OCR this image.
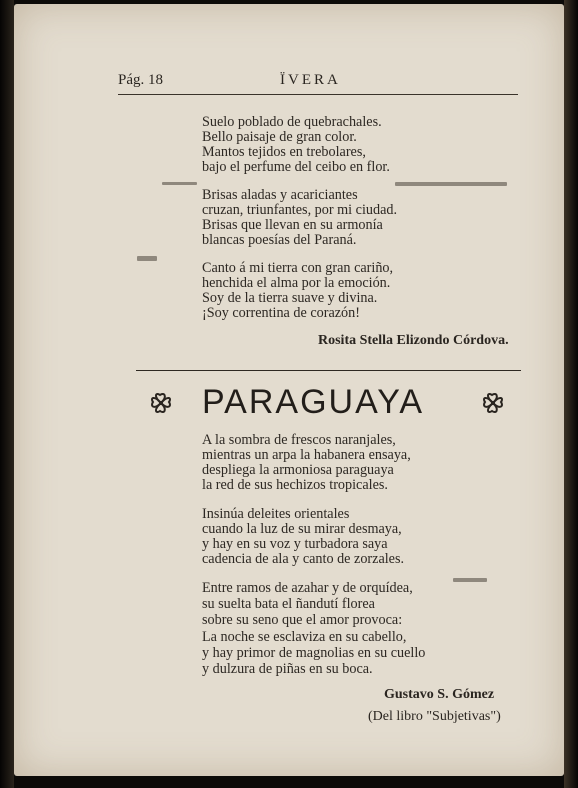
Pág. 18	ÏVERA
Suelo poblado de quebrachales.
Bello paisaje de gran color.
Mantos tejidos en trebolares,
bajo el perfume del ceibo en flor.
Brisas aladas y acariciantes
cruzan, triunfantes, por mi ciudad.
Brisas que llevan en su armonía
blancas poesías del Paraná.
Canto á mi tierra con gran cariño,
henchida el alma por la emoción.
Soy de la tierra suave y divina.
¡Soy correntina de corazón!
Rosita Stella Elizondo Córdova.
PARAGUAYA
A la sombra de frescos naranjales,
mientras un arpa la habanera ensaya,
despliega la armoniosa paraguaya
la red de sus hechizos tropicales.
Insinúa deleites orientales
cuando la luz de su mirar desmaya,
y hay en su voz y turbadora saya
cadencia de ala y canto de zorzales.
Entre ramos de azahar y de orquídea,
su suelta bata el ñandutí florea
sobre su seno que el amor provoca:
La noche se esclaviza en su cabello,
y hay primor de magnolias en su cuello
y dulzura de piñas en su boca.
Gustavo S. Gómez
(Del libro "Subjetivas")
